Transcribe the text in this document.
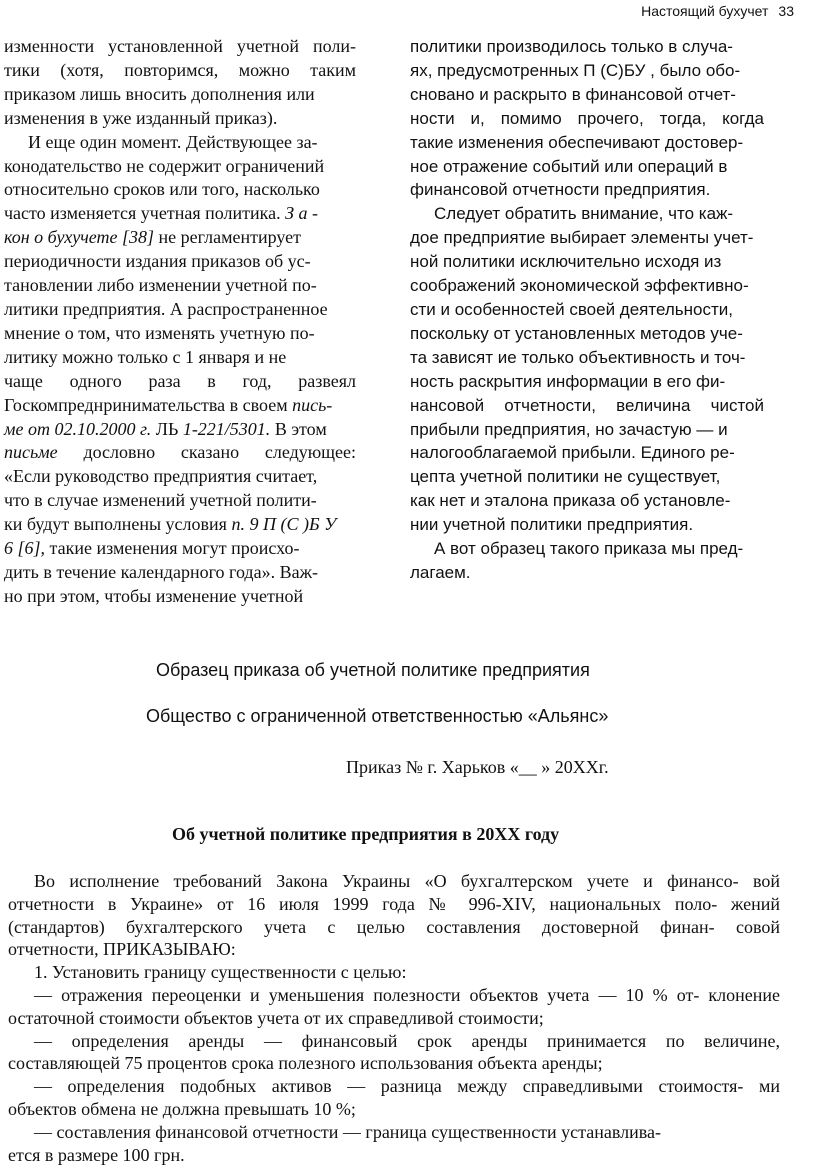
Настоящий бухучет 33
изменности установленной учетной поли-
тики (хотя, повторимся, можно таким
приказом лишь вносить дополнения или
изменения в уже изданный приказ).
И еще один момент. Действующее за-
конодательство не содержит ограничений
относительно сроков или того, насколько
часто изменяется учетная политика. З а -
кон о бухучете [38] не регламентирует
периодичности издания приказов об ус-
тановлении либо изменении учетной по-
литики предприятия. А распространенное
мнение о том, что изменять учетную по-
литику можно только с 1 января и не
чаще одного раза в год, развеял
Госкомпреднринимательства в своем пись-
ме от 02.10.2000 г. ЛЬ 1-221/5301. В этом
письме дословно сказано следующее:
«Если руководство предприятия считает,
что в случае изменений учетной полити-
ки будут выполнены условия п. 9 П (С )Б У
6 [6], такие изменения могут происхо-
дить в течение календарного года». Важ-
но при этом, чтобы изменение учетной
политики производилось только в случа-
ях, предусмотренных П (С)БУ , было обо-
сновано и раскрыто в финансовой отчет-
ности и, помимо прочего, тогда, когда
такие изменения обеспечивают достовер-
ное отражение событий или операций в
финансовой отчетности предприятия.
Следует обратить внимание, что каж-
дое предприятие выбирает элементы учет-
ной политики исключительно исходя из
соображений экономической эффективно-
сти и особенностей своей деятельности,
поскольку от установленных методов уче-
та зависят ие только объективность и точ-
ность раскрытия информации в его фи-
нансовой отчетности, величина чистой
прибыли предприятия, но зачастую — и
налогооблагаемой прибыли. Единого ре-
цепта учетной политики не существует,
как нет и эталона приказа об установле-
нии учетной политики предприятия.
А вот образец такого приказа мы пред-
лагаем.
Образец приказа об учетной политике предприятия
Общество с ограниченной ответственностью «Альянс»
Приказ № г. Харьков «__ » 20XXг.
Об учетной политике предприятия в 20XX году
Во исполнение требований Закона Украины «О бухгалтерском учете и финансо- вой
отчетности в Украине» от 16 июля 1999 года № 996-XIV, национальных поло- жений
(стандартов) бухгалтерского учета с целью составления достоверной финан- совой
отчетности, ПРИКАЗЫВАЮ:
1. Установить границу существенности с целью:
— отражения переоценки и уменьшения полезности объектов учета — 10 % от- клонение
остаточной стоимости объектов учета от их справедливой стоимости;
— определения аренды — финансовый срок аренды принимается по величине,
составляющей 75 процентов срока полезного использования объекта аренды;
— определения подобных активов — разница между справедливыми стоимостя- ми
объектов обмена не должна превышать 10 %;
— составления финансовой отчетности — граница существенности устанавлива-
ется в размере 100 грн.
